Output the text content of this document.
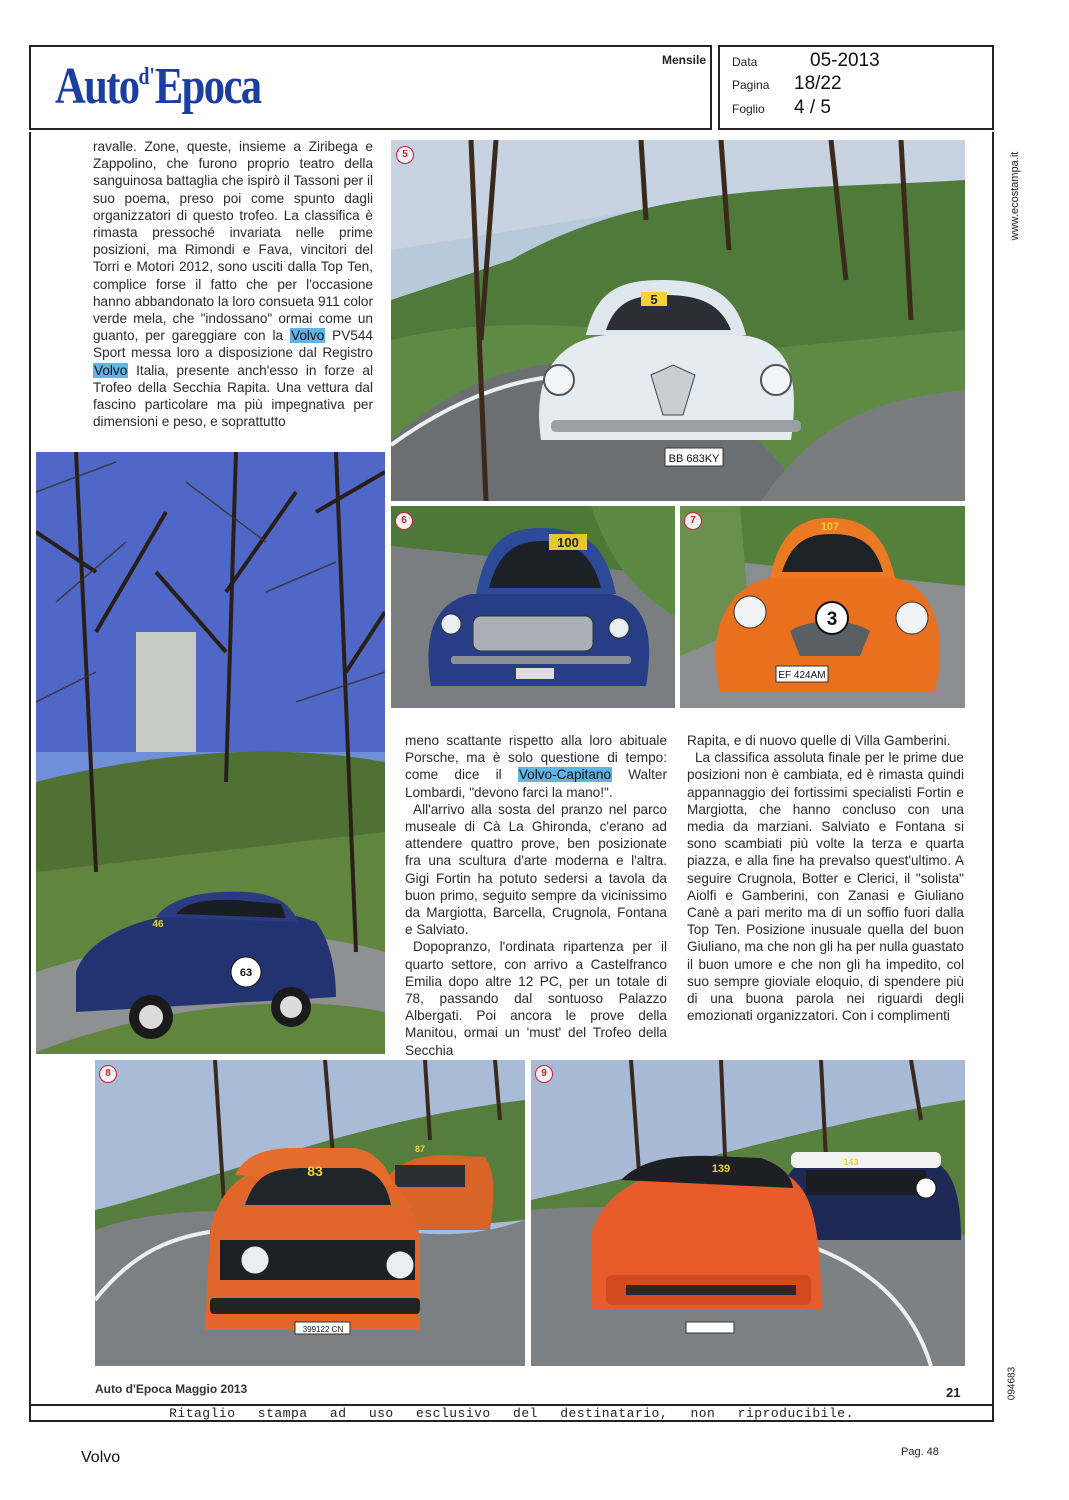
Auto$^{d'}$Epoca	Mensile Data	05-2013
Pagina 18/22
Foglio 4 / 5
www.ecostampa.it
094683
ravalle. Zone, queste, insieme a Ziribega e Zappolino, che furono proprio teatro della sanguinosa battaglia che ispirò il Tassoni per il suo poema, preso poi come spunto dagli organizzatori di questo trofeo. La classifica è rimasta pressoché invariata nelle prime posizioni, ma Rimondi e Fava, vincitori del Torri e Motori 2012, sono usciti dalla Top Ten, complice forse il fatto che per l'occasione hanno abbandonato la loro consueta 911 color verde mela, che "indossano" ormai come un guanto, per gareggiare con la Volvo PV544 Sport messa loro a disposizione dal Registro Volvo Italia, presente anch'esso in forze al Trofeo della Secchia Rapita. Una vettura dal fascino particolare ma più impegnativa per dimensioni e peso, e soprattutto
5
BB 683KY
5
100
6
3
107
EF 424AM
7
63
46

meno scattante rispetto alla loro abituale Porsche, ma è solo questione di tempo: come dice il Volvo-Capitano Walter Lombardi, "devono farci la mano!".

All'arrivo alla sosta del pranzo nel parco museale di Cà La Ghironda, c'erano ad attendere quattro prove, ben posizionate fra una scultura d'arte moderna e l'altra. Gigi Fortin ha potuto sedersi a tavola da buon primo, seguito sempre da vicinissimo da Margiotta, Barcella, Crugnola, Fontana e Salviato.

Dopopranzo, l'ordinata ripartenza per il quarto settore, con arrivo a Castelfranco Emilia dopo altre 12 PC, per un totale di 78, passando dal sontuoso Palazzo Albergati. Poi ancora le prove della Manitou, ormai un 'must' del Trofeo della Secchia

Rapita, e di nuovo quelle di Villa Gamberini.

La classifica assoluta finale per le prime due posizioni non è cambiata, ed è rimasta quindi appannaggio dei fortissimi specialisti Fortin e Margiotta, che hanno concluso con una media da marziani. Salviato e Fontana si sono scambiati più volte la terza e quarta piazza, e alla fine ha prevalso quest'ultimo. A seguire Crugnola, Botter e Clerici, il "solista" Aiolfi e Gamberini, con Zanasi e Giuliano Canè a pari merito ma di un soffio fuori dalla Top Ten. Posizione inusuale quella del buon Giuliano, ma che non gli ha per nulla guastato il buon umore e che non gli ha impedito, col suo sempre gioviale eloquio, di spendere più di una buona parola nei riguardi degli emozionati organizzatori. Con i complimenti

87
399122 CN
83
8
143
139
9
Auto d'Epoca Maggio 2013	21
Ritaglio stampa ad uso esclusivo del destinatario, non riproducibile.
Volvo	Pag. 48
